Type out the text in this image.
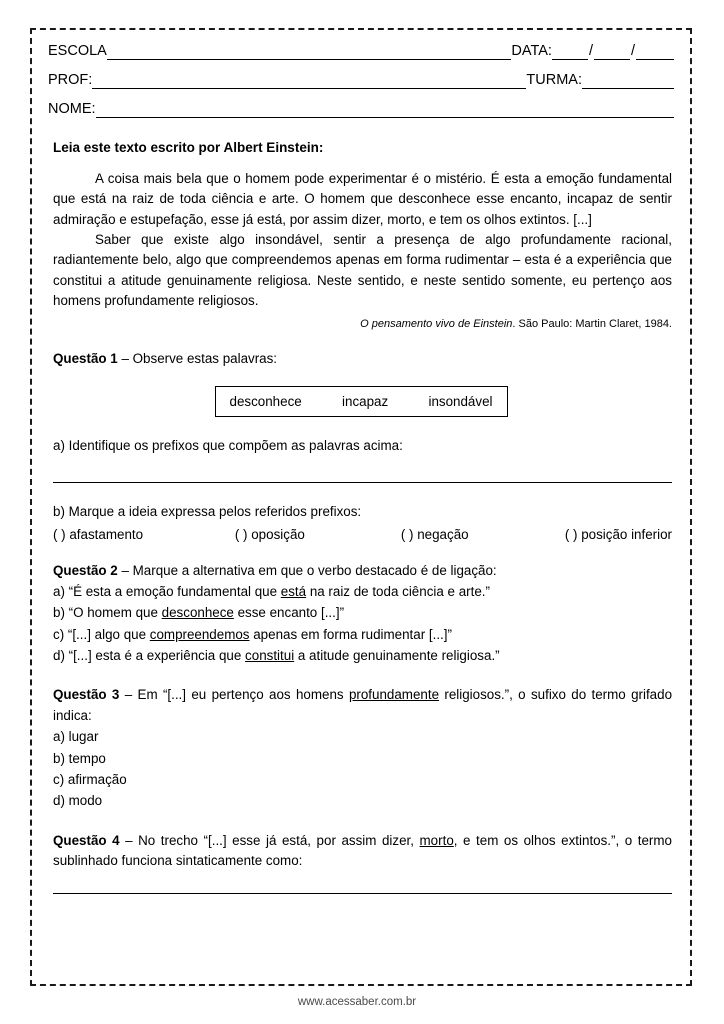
ESCOLA	DATA:	/	/
PROF:	TURMA:
NOME:
Leia este texto escrito por Albert Einstein:
A coisa mais bela que o homem pode experimentar é o mistério. É esta a emoção fundamental que está na raiz de toda ciência e arte. O homem que desconhece esse encanto, incapaz de sentir admiração e estupefação, esse já está, por assim dizer, morto, e tem os olhos extintos. [...]
Saber que existe algo insondável, sentir a presença de algo profundamente racional, radiantemente belo, algo que compreendemos apenas em forma rudimentar – esta é a experiência que constitui a atitude genuinamente religiosa. Neste sentido, e neste sentido somente, eu pertenço aos homens profundamente religiosos.
O pensamento vivo de Einstein. São Paulo: Martin Claret, 1984.
Questão 1 – Observe estas palavras:
desconhece	incapaz	insondável
a) Identifique os prefixos que compõem as palavras acima:
b) Marque a ideia expressa pelos referidos prefixos:
( ) afastamento	( ) oposição	( ) negação	( ) posição inferior
Questão 2 – Marque a alternativa em que o verbo destacado é de ligação:
a) “É esta a emoção fundamental que está na raiz de toda ciência e arte.”
b) “O homem que desconhece esse encanto [...]”
c) “[...] algo que compreendemos apenas em forma rudimentar [...]”
d) “[...] esta é a experiência que constitui a atitude genuinamente religiosa.”
Questão 3 – Em “[...] eu pertenço aos homens profundamente religiosos.”, o sufixo do termo grifado indica:
a) lugar
b) tempo
c) afirmação
d) modo
Questão 4 – No trecho “[...] esse já está, por assim dizer, morto, e tem os olhos extintos.”, o termo sublinhado funciona sintaticamente como:
www.acessaber.com.br
